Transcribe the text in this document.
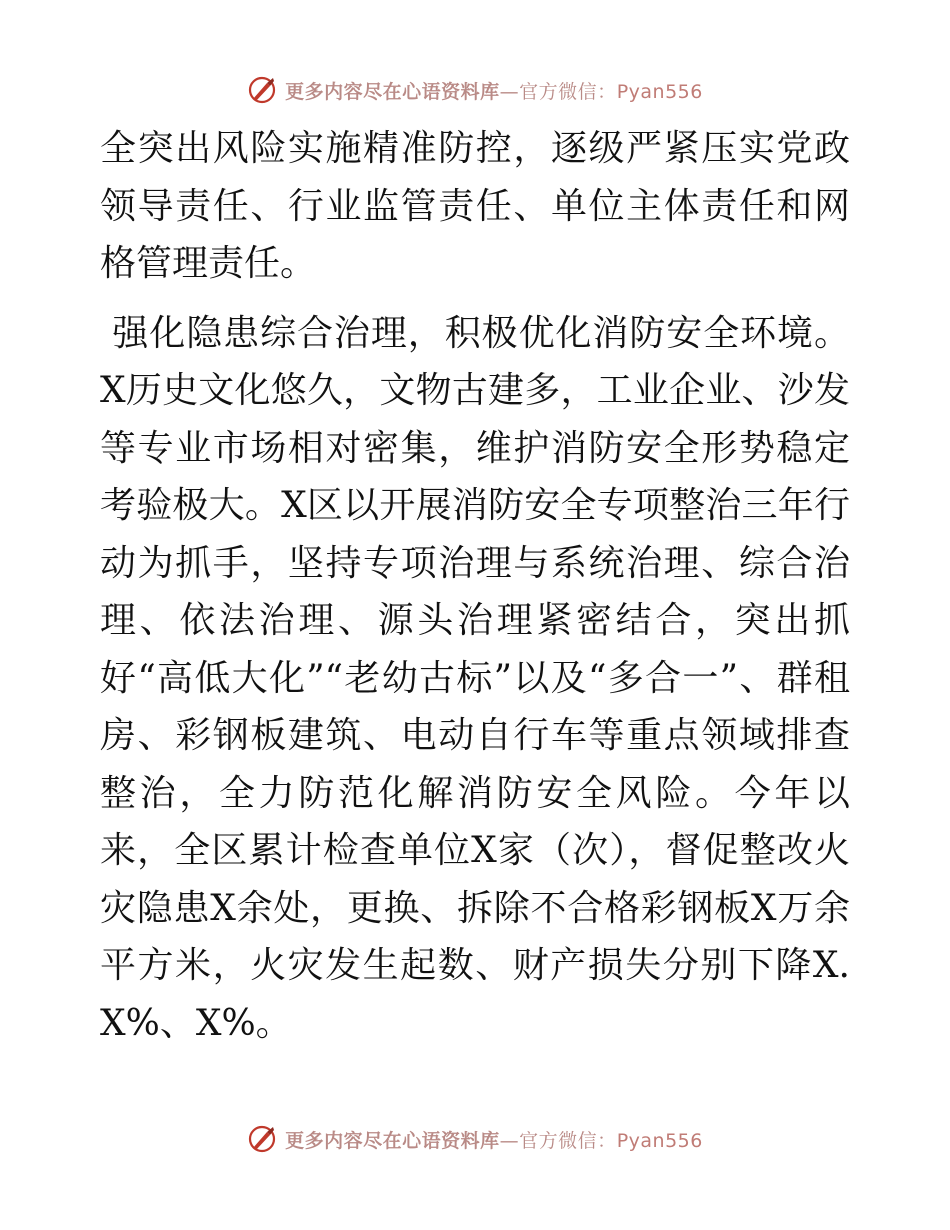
更多内容尽在心语资料库—官方微信：Pyan556

全突出风险实施精准防控，逐级严紧压实党政领导责任、行业监管责任、单位主体责任和网格管理责任。

强化隐患综合治理，积极优化消防安全环境。X历史文化悠久，文物古建多，工业企业、沙发等专业市场相对密集，维护消防安全形势稳定考验极大。X区以开展消防安全专项整治三年行动为抓手，坚持专项治理与系统治理、综合治理、依法治理、源头治理紧密结合，突出抓好“高低大化”“老幼古标”以及“多合一”、群租房、彩钢板建筑、电动自行车等重点领域排查整治，全力防范化解消防安全风险。今年以来，全区累计检查单位X家（次），督促整改火灾隐患X余处，更换、拆除不合格彩钢板X万余平方米，火灾发生起数、财产损失分别下降X.X%、X%。

更多内容尽在心语资料库—官方微信：Pyan556
